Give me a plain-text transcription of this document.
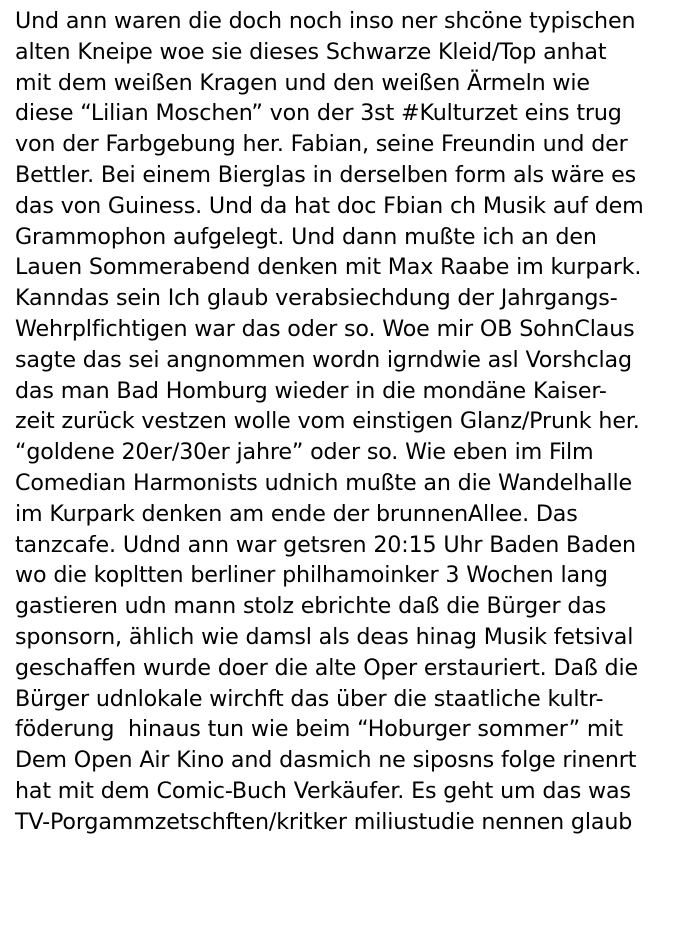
Und ann waren die doch noch inso ner shcöne typischen
alten Kneipe woe sie dieses Schwarze Kleid/Top anhat
mit dem weißen Kragen und den weißen Ärmeln wie
diese “Lilian Moschen” von der 3st #Kulturzet eins trug
von der Farbgebung her. Fabian, seine Freundin und der
Bettler. Bei einem Bierglas in derselben form als wäre es
das von Guiness. Und da hat doc Fbian ch Musik auf dem
Grammophon aufgelegt. Und dann mußte ich an den
Lauen Sommerabend denken mit Max Raabe im kurpark.
Kanndas sein Ich glaub verabsiechdung der Jahrgangs-
Wehrplfichtigen war das oder so. Woe mir OB SohnClaus
sagte das sei angnommen wordn igrndwie asl Vorshclag
das man Bad Homburg wieder in die mondäne Kaiser-
zeit zurück vestzen wolle vom einstigen Glanz/Prunk her.
“goldene 20er/30er jahre” oder so. Wie eben im Film
Comedian Harmonists udnich mußte an die Wandelhalle
im Kurpark denken am ende der brunnenAllee. Das
tanzcafe. Udnd ann war getsren 20:15 Uhr Baden Baden
wo die kopltten berliner philhamoinker 3 Wochen lang
gastieren udn mann stolz ebrichte daß die Bürger das
sponsorn, ählich wie damsl als deas hinag Musik fetsival
geschaffen wurde doer die alte Oper erstauriert. Daß die
Bürger udnlokale wirchft das über die staatliche kultr-
föderung  hinaus tun wie beim “Hoburger sommer” mit
Dem Open Air Kino and dasmich ne siposns folge rinenrt
hat mit dem Comic-Buch Verkäufer. Es geht um das was
TV-Porgammzetschften/kritker miliustudie nennen glaub
